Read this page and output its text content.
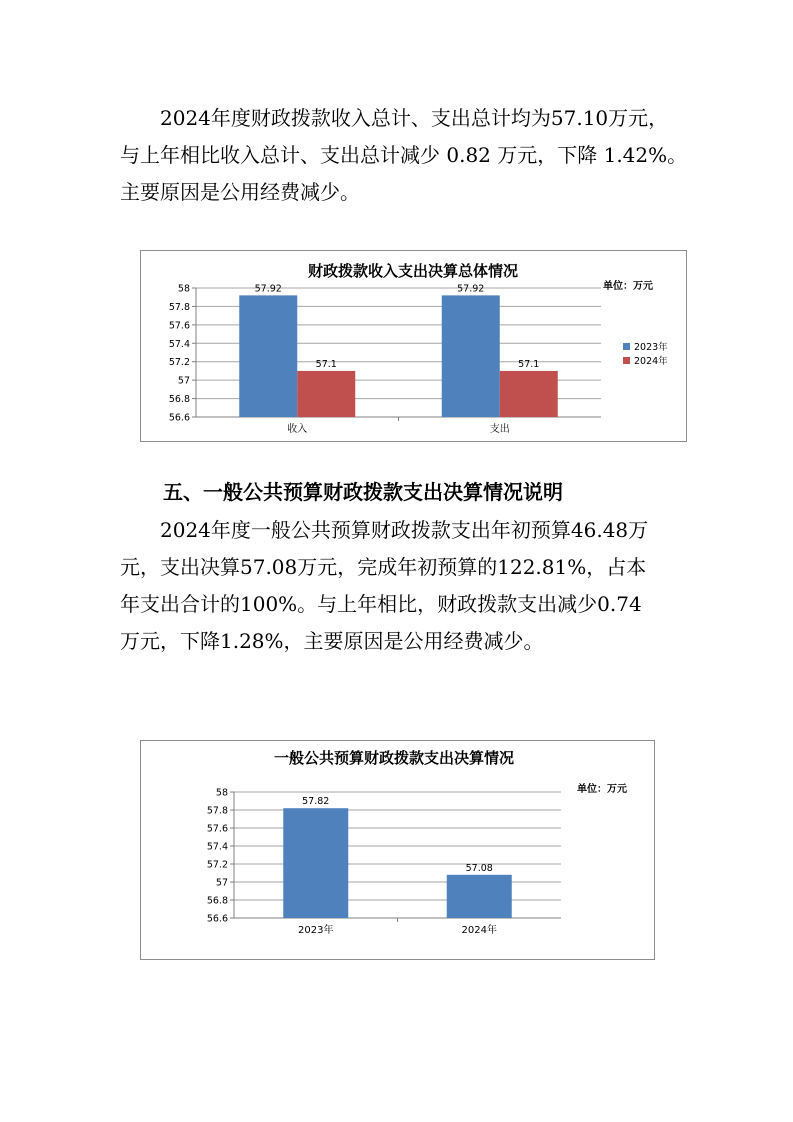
2024年度财政拨款收入总计、支出总计均为57.10万元，
与上年相比收入总计、支出总计减少 0.82 万元，下降 1.42%。
主要原因是公用经费减少。

财政拨款收入支出决算总体情况
单位：万元
56.6
56.8
57
57.2
57.4
57.6
57.8
58	57.92
57.1
收入
57.92
57.1
支出
2023年
2024年
五、一般公共预算财政拨款支出决算情况说明

2024年度一般公共预算财政拨款支出年初预算46.48万
元，支出决算57.08万元，完成年初预算的122.81%，占本
年支出合计的100%。与上年相比，财政拨款支出减少0.74
万元，下降1.28%，主要原因是公用经费减少。

一般公共预算财政拨款支出决算情况
单位：万元
56.6
56.8
57
57.2
57.4
57.6
57.8
58
57.82
2023年
57.08
2024年
